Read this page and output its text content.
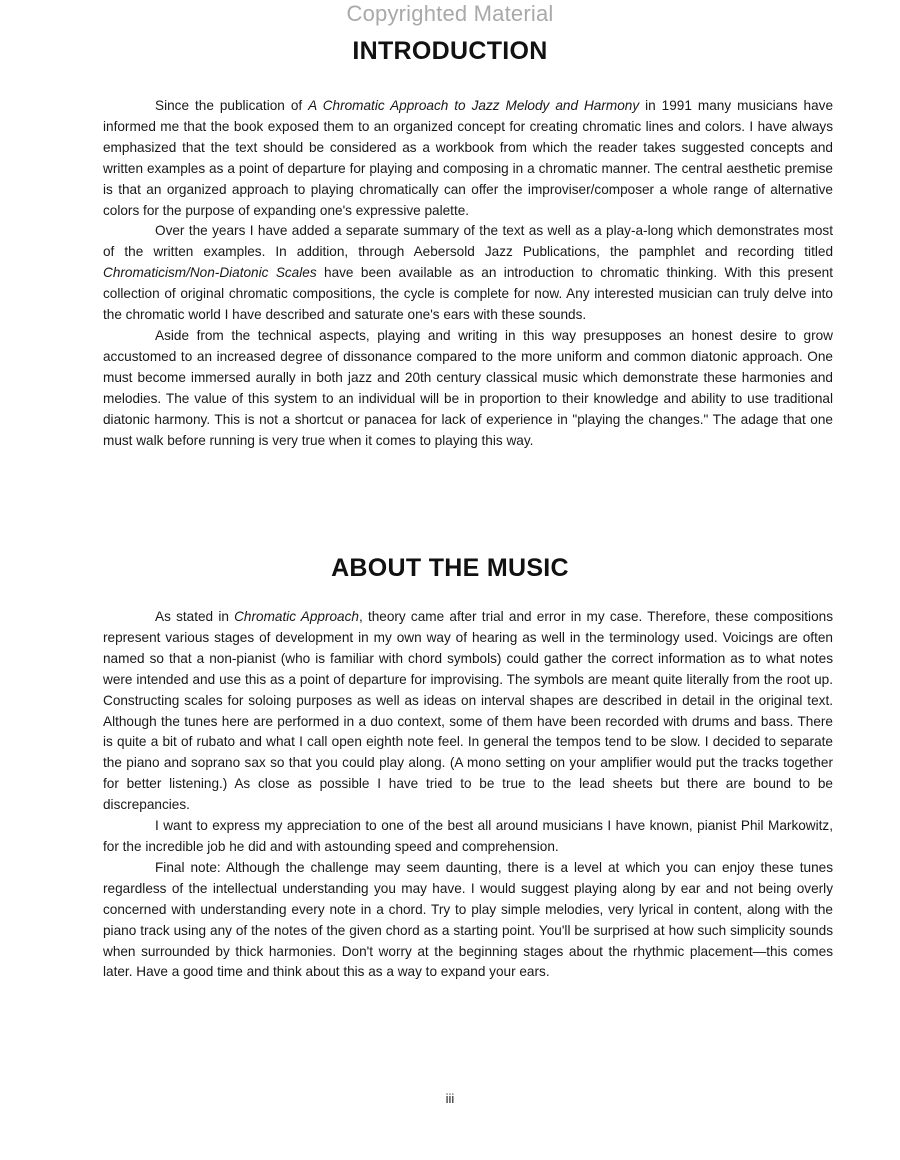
Copyrighted Material
INTRODUCTION

Since the publication of A Chromatic Approach to Jazz Melody and Harmony in 1991 many musicians have informed me that the book exposed them to an organized concept for creating chromatic lines and colors. I have always emphasized that the text should be considered as a workbook from which the reader takes suggested concepts and written examples as a point of departure for playing and composing in a chromatic manner. The central aesthetic premise is that an organized approach to playing chromatically can offer the improviser/composer a whole range of alternative colors for the purpose of expanding one's expressive palette.

Over the years I have added a separate summary of the text as well as a play-a-long which demonstrates most of the written examples. In addition, through Aebersold Jazz Publications, the pamphlet and recording titled Chromaticism/Non-Diatonic Scales have been available as an introduction to chromatic thinking. With this present collection of original chromatic compositions, the cycle is complete for now. Any interested musician can truly delve into the chromatic world I have described and saturate one's ears with these sounds.

Aside from the technical aspects, playing and writing in this way presupposes an honest desire to grow accustomed to an increased degree of dissonance compared to the more uniform and common diatonic approach. One must become immersed aurally in both jazz and 20th century classical music which demonstrate these harmonies and melodies. The value of this system to an individual will be in proportion to their knowledge and ability to use traditional diatonic harmony. This is not a shortcut or panacea for lack of experience in "playing the changes." The adage that one must walk before running is very true when it comes to playing this way.

ABOUT THE MUSIC

As stated in Chromatic Approach, theory came after trial and error in my case. Therefore, these compositions represent various stages of development in my own way of hearing as well in the terminology used. Voicings are often named so that a non-pianist (who is familiar with chord symbols) could gather the correct information as to what notes were intended and use this as a point of departure for improvising. The symbols are meant quite literally from the root up. Constructing scales for soloing purposes as well as ideas on interval shapes are described in detail in the original text. Although the tunes here are performed in a duo context, some of them have been recorded with drums and bass. There is quite a bit of rubato and what I call open eighth note feel. In general the tempos tend to be slow. I decided to separate the piano and soprano sax so that you could play along. (A mono setting on your amplifier would put the tracks together for better listening.) As close as possible I have tried to be true to the lead sheets but there are bound to be discrepancies.

I want to express my appreciation to one of the best all around musicians I have known, pianist Phil Markowitz, for the incredible job he did and with astounding speed and comprehension.

Final note: Although the challenge may seem daunting, there is a level at which you can enjoy these tunes regardless of the intellectual understanding you may have. I would suggest playing along by ear and not being overly concerned with understanding every note in a chord. Try to play simple melodies, very lyrical in content, along with the piano track using any of the notes of the given chord as a starting point. You'll be surprised at how such simplicity sounds when surrounded by thick harmonies. Don't worry at the beginning stages about the rhythmic placement—this comes later. Have a good time and think about this as a way to expand your ears.

iii
